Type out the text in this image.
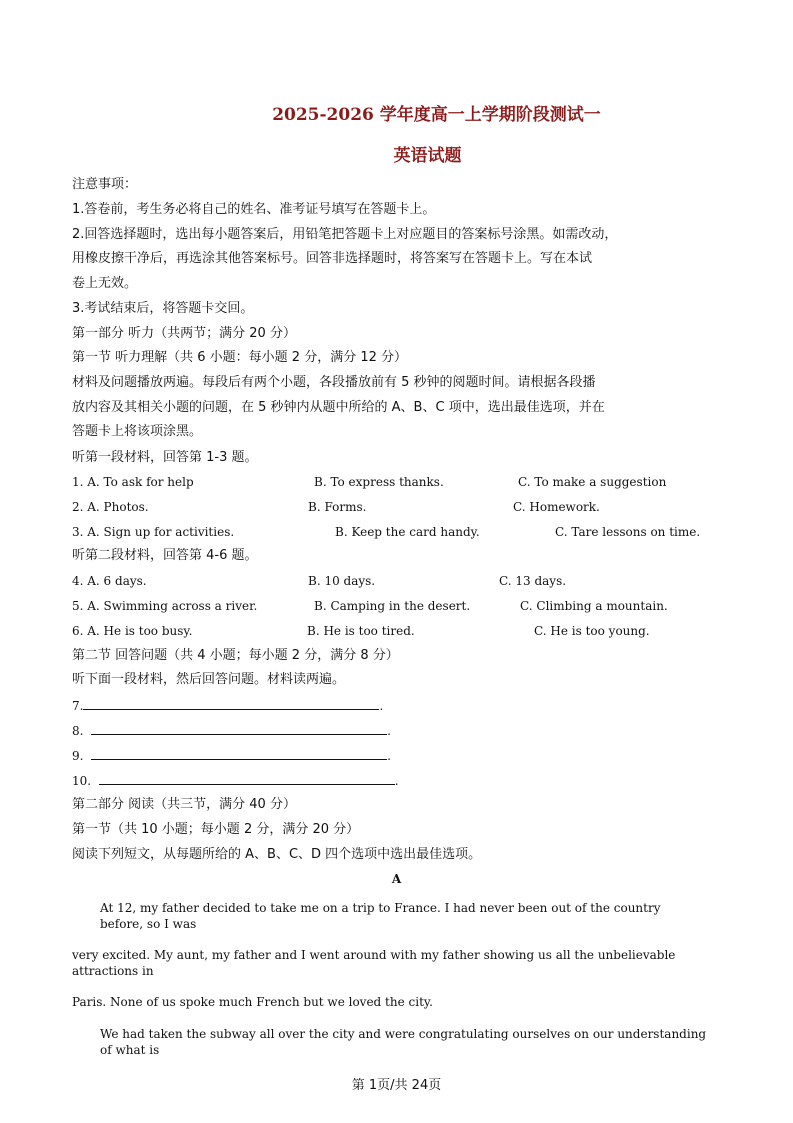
2025-2026 学年度高一上学期阶段测试一
英语试题
注意事项：
1.答卷前，考生务必将自己的姓名、准考证号填写在答题卡上。
2.回答选择题时，选出每小题答案后，用铅笔把答题卡上对应题目的答案标号涂黑。如需改动，
用橡皮擦干净后，再选涂其他答案标号。回答非选择题时，将答案写在答题卡上。写在本试
卷上无效。
3.考试结束后，将答题卡交回。
第一部分 听力（共两节；满分 20 分）
第一节 听力理解（共 6 小题：每小题 2 分，满分 12 分）
材料及问题播放两遍。每段后有两个小题，各段播放前有 5 秒钟的阅题时间。请根据各段播
放内容及其相关小题的问题，在 5 秒钟内从题中所给的 A、B、C 项中，选出最佳选项，并在
答题卡上将该项涂黑。
听第一段材料，回答第 1-3 题。
1. A. To ask for help	B. To express thanks.	C. To make a suggestion
2. A. Photos.	B. Forms.	C. Homework.
3. A. Sign up for activities.	B. Keep the card handy.	C. Tare lessons on time.
听第二段材料，回答第 4-6 题。
4. A. 6 days.	B. 10 days.	C. 13 days.
5. A. Swimming across a river.	B. Camping in the desert.	C. Climbing a mountain.
6. A. He is too busy.	B. He is too tired.	C. He is too young.
第二节 回答问题（共 4 小题；每小题 2 分，满分 8 分）
听下面一段材料，然后回答问题。材料读两遍。
7.	.
8.	.
9.	.
10.	.
第二部分 阅读（共三节，满分 40 分）
第一节（共 10 小题；每小题 2 分，满分 20 分）
阅读下列短文，从每题所给的 A、B、C、D 四个选项中选出最佳选项。
A
At 12, my father decided to take me on a trip to France. I had never been out of the country
before, so I was
very excited. My aunt, my father and I went around with my father showing us all the unbelievable
attractions in
Paris. None of us spoke much French but we loved the city.
We had taken the subway all over the city and were congratulating ourselves on our understanding
of what is
第 1页/共 24页
